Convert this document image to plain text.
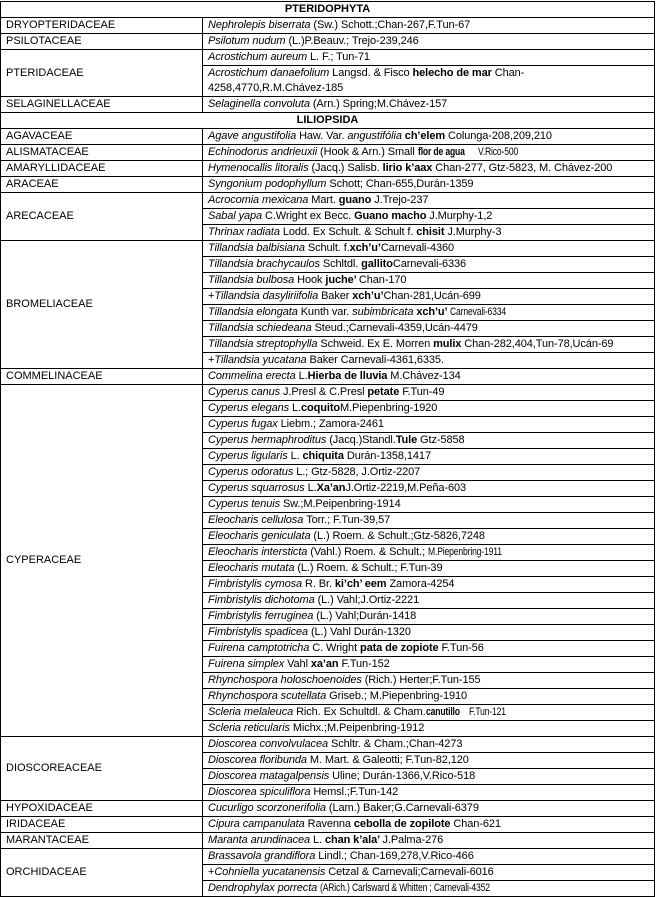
PTERIDOPHYTA	
DRYOPTERIDACEAE	Nephrolepis biserrata (Sw.) Schott.;Chan-267,F.Tun-67
PSILOTACEAE	Psilotum nudum (L.)P.Beauv.; Trejo-239,246
PTERIDACEAE	Acrostichum aureum L. F.; Tun-71
	Acrostichum danaefolium Langsd. & Fisco helecho de mar Chan-
4258,4770,R.M.Chávez-185
SELAGINELLACEAE	Selaginella convoluta (Arn.) Spring;M.Chávez-157
LILIOPSIDA	
AGAVACEAE	Agave angustifolia Haw. Var. angustifólia ch’elem Colunga-208,209,210
ALISMATACEAE	Echinodorus andrieuxii (Hook & Arn.) Small flor de aguaV.Rico-500
AMARYLLIDACEAE	Hymenocallis litoralis (Jacq.) Salisb. lirio k’aax Chan-277, Gtz-5823, M. Chávez-200
ARACEAE	Syngonium podophyllum Schott; Chan-655,Durán-1359
ARECACEAE	Acrocomia mexicana Mart. guano J.Trejo-237
	Sabal yapa C.Wright ex Becc. Guano macho J.Murphy-1,2
	Thrinax radiata Lodd. Ex Schult. & Schult f. chisit J.Murphy-3
BROMELIACEAE	Tillandsia balbisiana Schult. f.xch’u’Carnevali-4360
	Tillandsia brachycaulos Schltdl. gallitoCarnevali-6336
	Tillandsia bulbosa Hook juche’ Chan-170
	+Tillandsia dasyliriifolia Baker xch’u’Chan-281,Ucán-699
	Tillandsia elongata Kunth var. subimbricata xch’u’ Carnevali-6334
	Tillandsia schiedeana Steud.;Carnevali-4359,Ucán-4479
	Tillandsia streptophylla Schweid. Ex E. Morren mulix Chan-282,404,Tun-78,Ucán-69
	+Tillandsia yucatana Baker Carnevali-4361,6335.
COMMELINACEAE	Commelina erecta L.Hierba de lluvia M.Chávez-134
CYPERACEAE	Cyperus canus J.Presl & C.Presl petate F.Tun-49
	Cyperus elegans L.coquitoM.Piepenbring-1920
	Cyperus fugax Liebm.; Zamora-2461
	Cyperus hermaphroditus (Jacq.)Standl.Tule Gtz-5858
	Cyperus ligularis L. chiquita Durán-1358,1417
	Cyperus odoratus L.; Gtz-5828, J.Ortiz-2207
	Cyperus squarrosus L.Xa’anJ.Ortiz-2219,M.Peña-603
	Cyperus tenuis Sw.;M.Peipenbring-1914
	Eleocharis cellulosa Torr.; F.Tun-39,57
	Eleocharis geniculata (L.) Roem. & Schult.;Gtz-5826,7248
	Eleocharis intersticta (Vahl.) Roem. & Schult.; M.Piepenbring-1911
	Eleocharis mutata (L.) Roem. & Schult.; F.Tun-39
	Fimbristylis cymosa R. Br. ki’ch’ eem Zamora-4254
	Fimbristylis dichotoma (L.) Vahl;J.Ortiz-2221
	Fimbristylis ferruginea (L.) Vahl;Durán-1418
	Fimbristylis spadicea (L.) Vahl Durán-1320
	Fuirena camptotricha C. Wright pata de zopiote F.Tun-56
	Fuirena simplex Vahl xa’an F.Tun-152
	Rhynchospora holoschoenoides (Rich.) Herter;F.Tun-155
	Rhynchospora scutellata Griseb.; M.Piepenbring-1910
	Scleria melaleuca Rich. Ex Schultdl. & Cham.canutilloF.Tun-121
	Scleria reticularis Michx.;M.Peipenbring-1912
DIOSCOREACEAE	Dioscorea convolvulacea Schltr. & Cham.;Chan-4273
	Dioscorea floribunda M. Mart. & Galeotti; F.Tun-82,120
	Dioscorea matagalpensis Uline; Durán-1366,V.Rico-518
	Dioscorea spiculiflora Hemsl.;F.Tun-142
HYPOXIDACEAE	Cucurligo scorzonerifolia (Lam.) Baker;G.Carnevali-6379
IRIDACEAE	Cipura campanulata Ravenna cebolla de zopilote Chan-621
MARANTACEAE	Maranta arundinacea L. chan k’ala’ J.Palma-276
ORCHIDACEAE	Brassavola grandiflora Lindl.; Chan-169,278,V.Rico-466
	+Cohniella yucatanensis Cetzal & Carnevali;Carnevali-6016
	Dendrophylax porrecta (ARich.) Carlsward & Whitten ; Carnevali-4352
